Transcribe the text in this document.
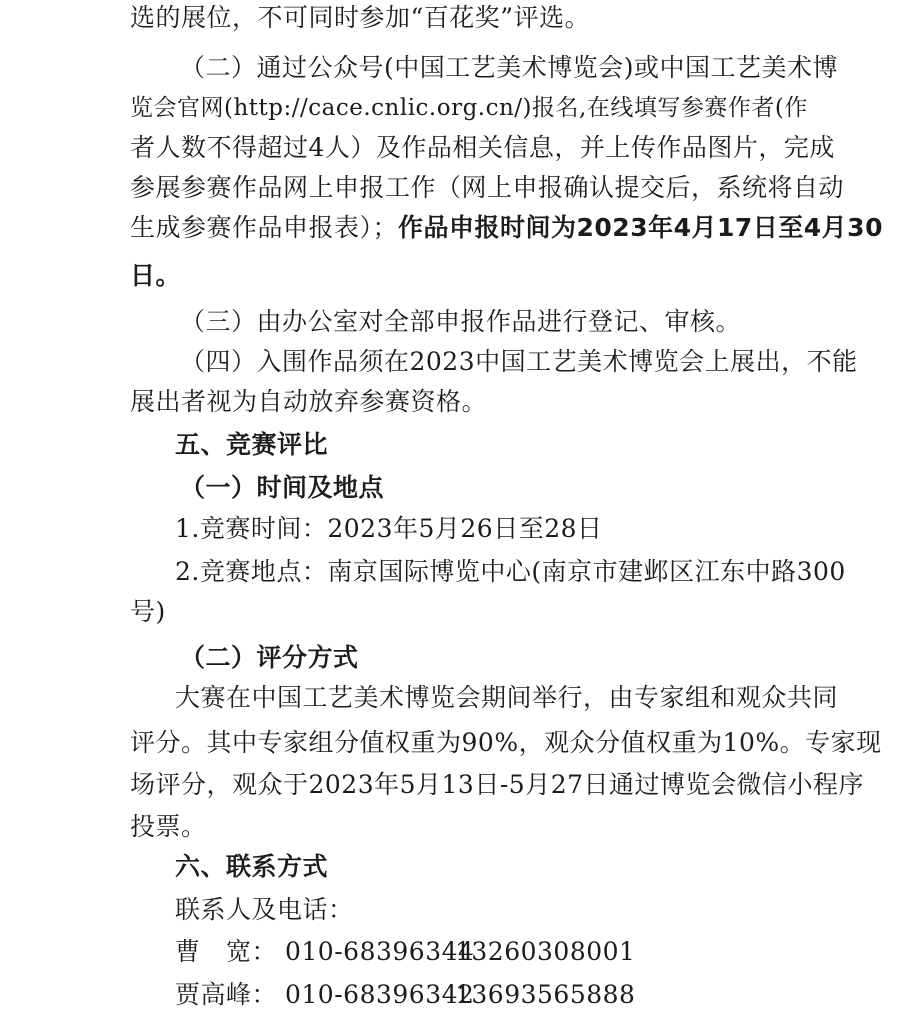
选的展位，不可同时参加“百花奖”评选。
（二）通过公众号(中国工艺美术博览会)或中国工艺美术博
览会官网(http://cace.cnlic.org.cn/)报名,在线填写参赛作者(作
者人数不得超过4人）及作品相关信息，并上传作品图片，完成
参展参赛作品网上申报工作（网上申报确认提交后，系统将自动
生成参赛作品申报表）；作品申报时间为2023年4月17日至4月30
日。
（三）由办公室对全部申报作品进行登记、审核。
（四）入围作品须在2023中国工艺美术博览会上展出，不能
展出者视为自动放弃参赛资格。
五、竞赛评比
（一）时间及地点
1.竞赛时间：2023年5月26日至28日
2.竞赛地点：南京国际博览中心(南京市建邺区江东中路300
号)
（二）评分方式
大赛在中国工艺美术博览会期间举行，由专家组和观众共同
评分。其中专家组分值权重为90%，观众分值权重为10%。专家现
场评分，观众于2023年5月13日-5月27日通过博览会微信小程序
投票。
六、联系方式
联系人及电话：
曹　宽： 010-6839634413260308001
贾高峰： 010-6839634213693565888
